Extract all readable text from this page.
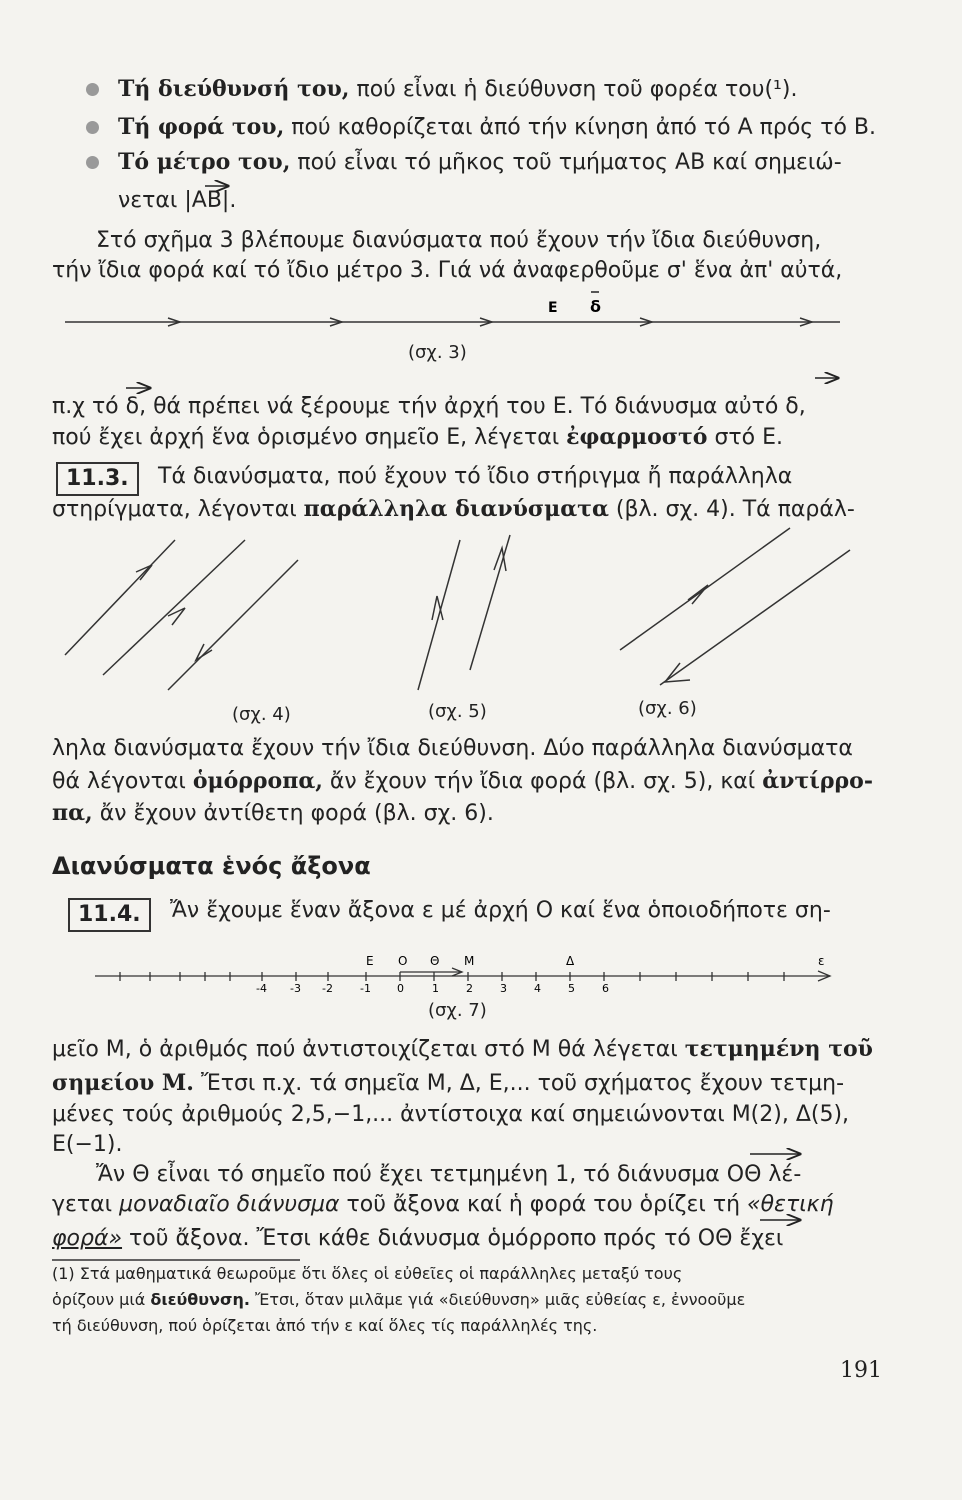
Τή διεύθυνσή του, πού εἶναι ἡ διεύθυνση τοῦ φορέα του(¹).
Τή φορά του, πού καθορίζεται ἀπό τήν κίνηση ἀπό τό Α πρός τό Β.
Τό μέτρο του, πού εἶναι τό μῆκος τοῦ τμήματος ΑΒ καί σημειώ-
νεται |ΑΒ|.
Στό σχῆμα 3 βλέπουμε διανύσματα πού ἔχουν τήν ἴδια διεύθυνση,
τήν ἴδια φορά καί τό ἴδιο μέτρο 3. Γιά νά ἀναφερθοῦμε σ' ἕνα ἀπ' αὐτά,
π.χ τό δ, θά πρέπει νά ξέρουμε τήν ἀρχή του Ε. Τό διάνυσμα αὐτό δ,
πού ἔχει ἀρχή ἕνα ὁρισμένο σημεῖο Ε, λέγεται ἐφαρμοστό στό Ε.
11.3.	Τά διανύσματα, πού ἔχουν τό ἴδιο στήριγμα ἤ παράλληλα
στηρίγματα, λέγονται παράλληλα διανύσματα (βλ. σχ. 4). Τά παράλ-
(σχ. 3)
(σχ. 4)	(σχ. 5)	(σχ. 6)
ληλα διανύσματα ἔχουν τήν ἴδια διεύθυνση. Δύο παράλληλα διανύσματα
θά λέγονται ὁμόρροπα, ἄν ἔχουν τήν ἴδια φορά (βλ. σχ. 5), καί ἀντίρρο-
πα, ἄν ἔχουν ἀντίθετη φορά (βλ. σχ. 6).
Διανύσματα ἑνός ἄξονα
11.4.	Ἄν ἔχουμε ἕναν ἄξονα ε μέ ἀρχή Ο καί ἕνα ὁποιοδήποτε ση-
(σχ. 7)
μεῖο Μ, ὁ ἀριθμός πού ἀντιστοιχίζεται στό Μ θά λέγεται τετμημένη τοῦ
σημείου Μ. Ἔτσι π.χ. τά σημεῖα Μ, Δ, Ε,... τοῦ σχήματος ἔχουν τετμη-
μένες τούς ἀριθμούς 2,5,−1,... ἀντίστοιχα καί σημειώνονται Μ(2), Δ(5),
Ε(−1).
Ἄν Θ εἶναι τό σημεῖο πού ἔχει τετμημένη 1, τό διάνυσμα ΟΘ λέ-
γεται μοναδιαῖο διάνυσμα τοῦ ἄξονα καί ἡ φορά του ὁρίζει τή «θετική
φορά» τοῦ ἄξονα. Ἔτσι κάθε διάνυσμα ὁμόρροπο πρός τό ΟΘ ἔχει
(1) Στά μαθηματικά θεωροῦμε ὅτι ὅλες οἱ εὐθεῖες οἱ παράλληλες μεταξύ τους
ὁρίζουν μιά διεύθυνση. Ἔτσι, ὅταν μιλᾶμε γιά «διεύθυνση» μιᾶς εὐθείας ε, ἐννοοῦμε
τή διεύθυνση, πού ὁρίζεται ἀπό τήν ε καί ὅλες τίς παράλληλές της.
191
Ε δ
-4 -3 -2 -1 0	1 2 3 4 5 6
Ε Ο Θ Μ	Δ	ε
